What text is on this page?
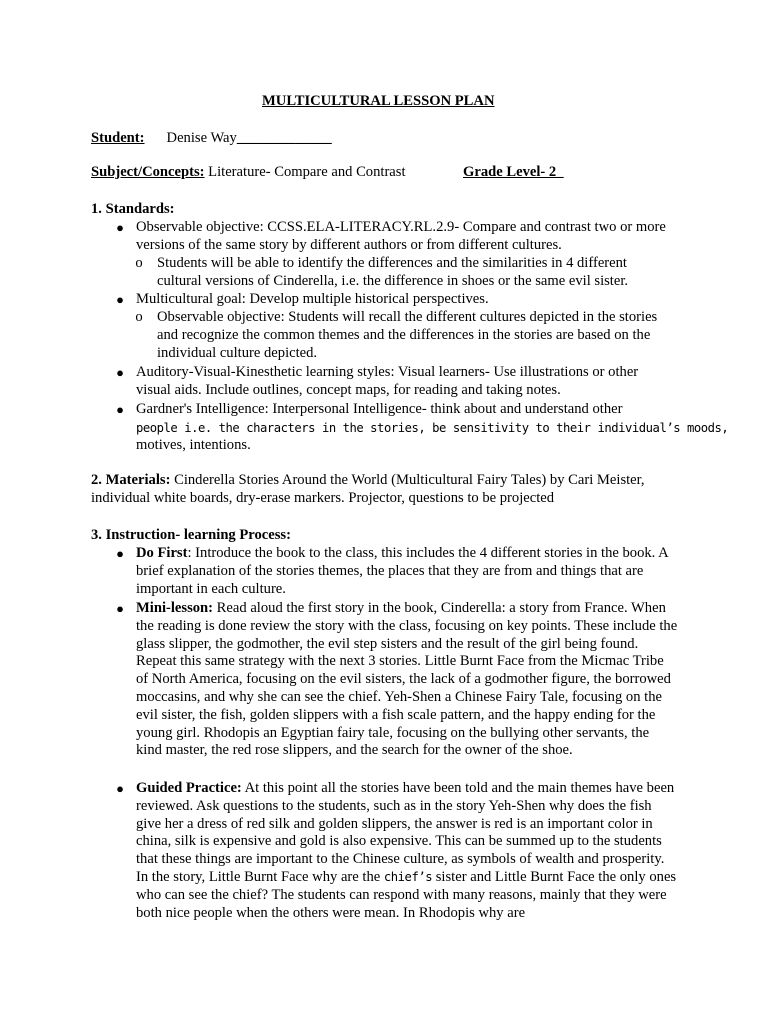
MULTICULTURAL LESSON PLAN
Student: Denise Way_____________
Subject/Concepts: Literature- Compare and Contrast	Grade Level- 2_
1. Standards:
● Observable objective: CCSS.ELA-LITERACY.RL.2.9- Compare and contrast two or more versions of the same story by different authors or from different cultures.
o Students will be able to identify the differences and the similarities in 4 different cultural versions of Cinderella, i.e. the difference in shoes or the same evil sister.
● Multicultural goal: Develop multiple historical perspectives.
o Observable objective: Students will recall the different cultures depicted in the stories and recognize the common themes and the differences in the stories are based on the individual culture depicted.
● Auditory-Visual-Kinesthetic learning styles: Visual learners- Use illustrations or other visual aids. Include outlines, concept maps, for reading and taking notes.
● Gardner's Intelligence: Interpersonal Intelligence- think about and understand other
people i.e. the characters in the stories, be sensitivity to their individual’s moods,
motives, intentions.
2. Materials: Cinderella Stories Around the World (Multicultural Fairy Tales) by Cari Meister,
individual white boards, dry-erase markers. Projector, questions to be projected
3. Instruction- learning Process:
● Do First: Introduce the book to the class, this includes the 4 different stories in the book. A brief explanation of the stories themes, the places that they are from and things that are important in each culture.
● Mini-lesson: Read aloud the first story in the book, Cinderella: a story from France. When the reading is done review the story with the class, focusing on key points. These include the glass slipper, the godmother, the evil step sisters and the result of the girl being found. Repeat this same strategy with the next 3 stories. Little Burnt Face from the Micmac Tribe of North America, focusing on the evil sisters, the lack of a godmother figure, the borrowed moccasins, and why she can see the chief. Yeh-Shen a Chinese Fairy Tale, focusing on the evil sister, the fish, golden slippers with a fish scale pattern, and the happy ending for the young girl. Rhodopis an Egyptian fairy tale, focusing on the bullying other servants, the kind master, the red rose slippers, and the search for the owner of the shoe.
● Guided Practice: At this point all the stories have been told and the main themes have been reviewed. Ask questions to the students, such as in the story Yeh-Shen why does the fish give her a dress of red silk and golden slippers, the answer is red is an important color in china, silk is expensive and gold is also expensive. This can be summed up to the students that these things are important to the Chinese culture, as symbols of wealth and prosperity. In the story, Little Burnt Face why are the chief’s sister and Little Burnt Face the only ones who can see the chief? The students can respond with many reasons, mainly that they were both nice people when the others were mean. In Rhodopis why are
